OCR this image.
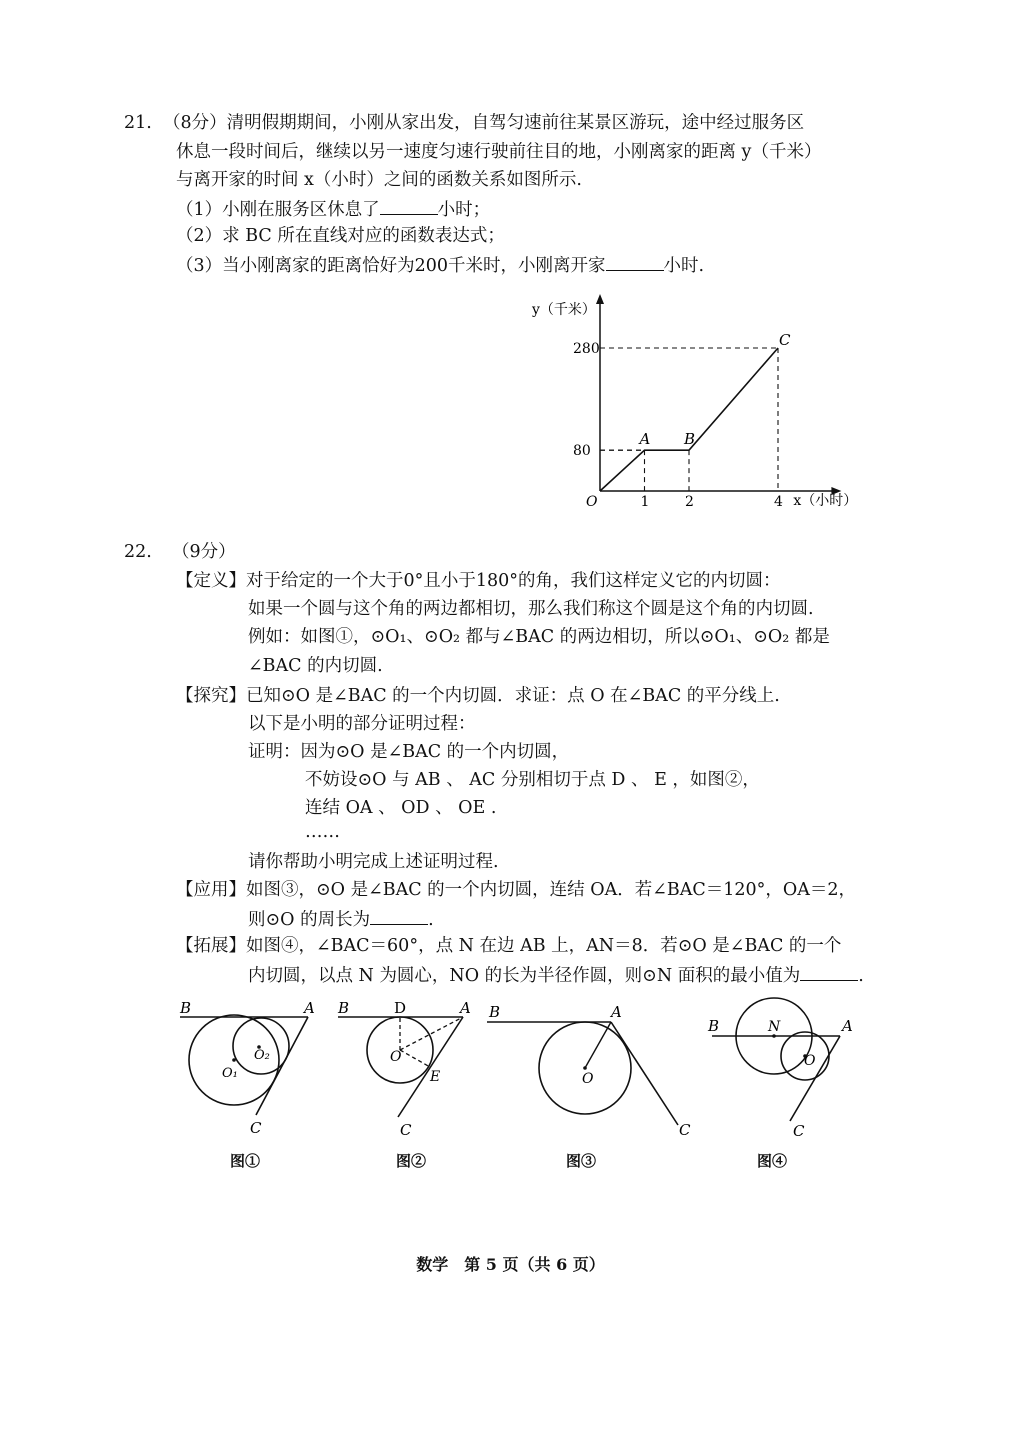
21. （8分）清明假期期间，小刚从家出发，自驾匀速前往某景区游玩，途中经过服务区
休息一段时间后，继续以另一速度匀速行驶前往目的地，小刚离家的距离 y（千米）
与离开家的时间 x（小时）之间的函数关系如图所示.
（1）小刚在服务区休息了	小时；
（2）求 BC 所在直线对应的函数表达式；
（3）当小刚离家的距离恰好为200千米时，小刚离开家	小时.
y（千米）
x（小时）
O	1	2	4
80
280
A B
C
22. （9分）
【定义】对于给定的一个大于0°且小于180°的角，我们这样定义它的内切圆：
如果一个圆与这个角的两边都相切，那么我们称这个圆是这个角的内切圆.
例如：如图①，⊙O₁、⊙O₂ 都与∠BAC 的两边相切，所以⊙O₁、⊙O₂ 都是
∠BAC 的内切圆.
【探究】已知⊙O 是∠BAC 的一个内切圆．求证：点 O 在∠BAC 的平分线上.
以下是小明的部分证明过程：
证明：因为⊙O 是∠BAC 的一个内切圆，
不妨设⊙O 与 AB 、 AC 分别相切于点 D 、 E ，如图②，
连结 OA 、 OD 、 OE .
……
请你帮助小明完成上述证明过程.
【应用】如图③，⊙O 是∠BAC 的一个内切圆，连结 OA．若∠BAC＝120°，OA＝2，
则⊙O 的周长为	.
【拓展】如图④，∠BAC＝60°，点 N 在边 AB 上，AN＝8．若⊙O 是∠BAC 的一个
内切圆，以点 N 为圆心，NO 的长为半径作圆，则⊙N 面积的最小值为	.
B	A
C
O₁
O₂
图①
B	D	A
O
E
C
图②
B	A
O
C
图③
B	N	A
O
C
图④
数学　第 5 页（共 6 页）
